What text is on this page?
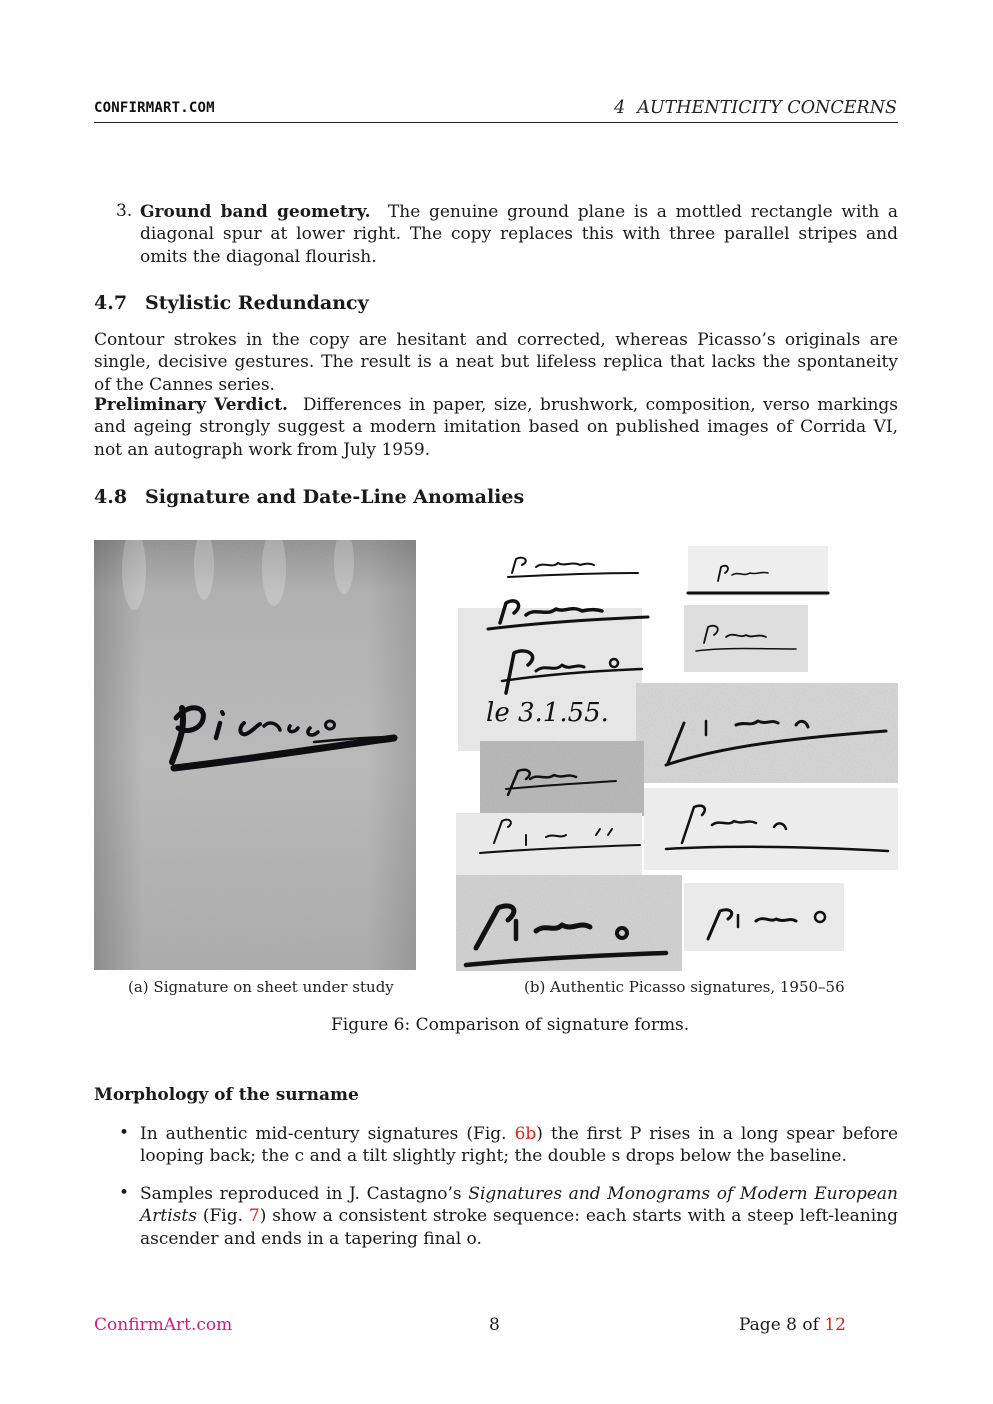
CONFIRMART.COM	4 AUTHENTICITY CONCERNS
3. Ground band geometry. The genuine ground plane is a mottled rectangle with a diagonal spur at lower right. The copy replaces this with three parallel stripes and omits the diagonal flourish.
4.7 Stylistic Redundancy
Contour strokes in the copy are hesitant and corrected, whereas Picasso’s originals are single, decisive gestures. The result is a neat but lifeless replica that lacks the spontaneity of the Cannes series.
Preliminary Verdict. Differences in paper, size, brushwork, composition, verso markings and ageing strongly suggest a modern imitation based on published images of Corrida VI, not an autograph work from July 1959.
4.8 Signature and Date-Line Anomalies
(a) Signature on sheet under study
le 3.1.55.
(b) Authentic Picasso signatures, 1950–56
Figure 6: Comparison of signature forms.
Morphology of the surname
• In authentic mid-century signatures (Fig. 6b) the first P rises in a long spear before looping back; the c and a tilt slightly right; the double s drops below the baseline.
• Samples reproduced in J. Castagno’s Signatures and Monograms of Modern European Artists (Fig. 7) show a consistent stroke sequence: each starts with a steep left-leaning ascender and ends in a tapering final o.
ConfirmArt.com	8	Page 8 of 12
